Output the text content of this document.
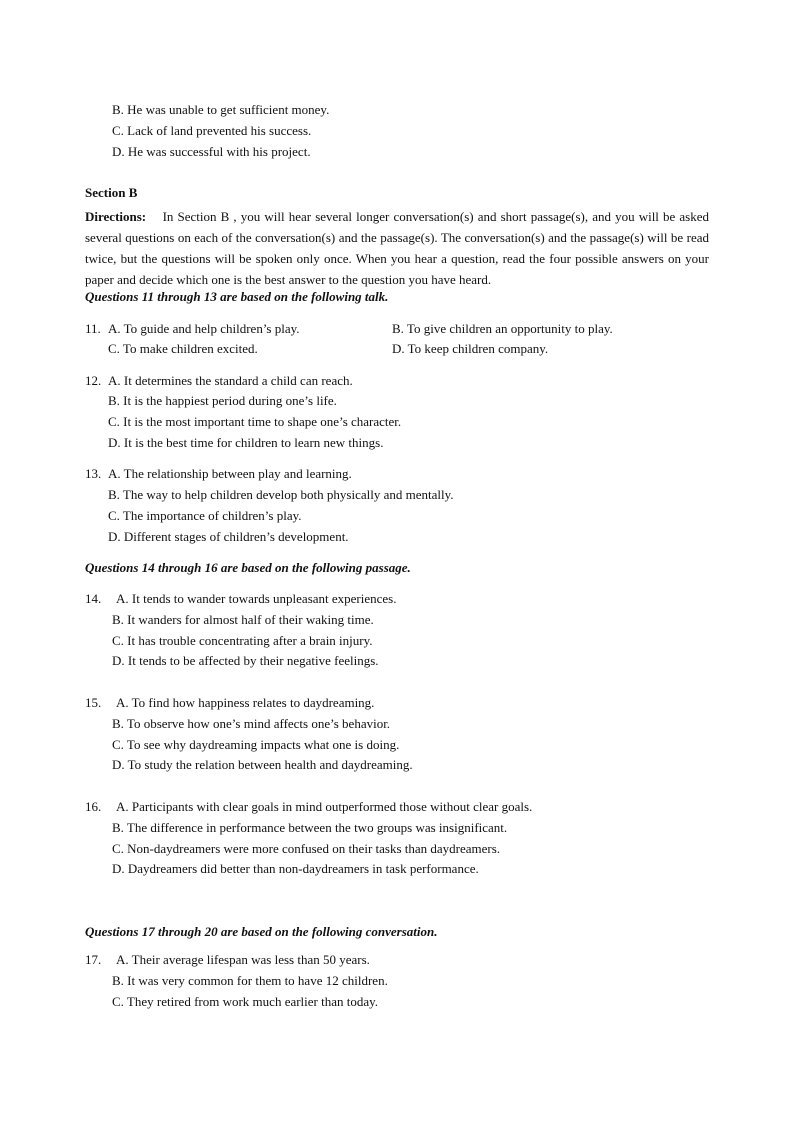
B. He was unable to get sufficient money.
C. Lack of land prevented his success.
D. He was successful with his project.
Section B
Directions: In Section B , you will hear several longer conversation(s) and short passage(s), and you will be asked several questions on each of the conversation(s) and the passage(s). The conversation(s) and the passage(s) will be read twice, but the questions will be spoken only once. When you hear a question, read the four possible answers on your paper and decide which one is the best answer to the question you have heard.
Questions 11 through 13 are based on the following talk.
11. A. To guide and help children’s play.	B. To give children an opportunity to play.
C. To make children excited.	D. To keep children company.
12. A. It determines the standard a child can reach.
B. It is the happiest period during one’s life.
C. It is the most important time to shape one’s character.
D. It is the best time for children to learn new things.
13. A. The relationship between play and learning.
B. The way to help children develop both physically and mentally.
C. The importance of children’s play.
D. Different stages of children’s development.
Questions 14 through 16 are based on the following passage.
14. A. It tends to wander towards unpleasant experiences.
B. It wanders for almost half of their waking time.
C. It has trouble concentrating after a brain injury.
D. It tends to be affected by their negative feelings.
15. A. To find how happiness relates to daydreaming.
B. To observe how one’s mind affects one’s behavior.
C. To see why daydreaming impacts what one is doing.
D. To study the relation between health and daydreaming.
16. A. Participants with clear goals in mind outperformed those without clear goals.
B. The difference in performance between the two groups was insignificant.
C. Non-daydreamers were more confused on their tasks than daydreamers.
D. Daydreamers did better than non-daydreamers in task performance.
Questions 17 through 20 are based on the following conversation.
17. A. Their average lifespan was less than 50 years.
B. It was very common for them to have 12 children.
C. They retired from work much earlier than today.
